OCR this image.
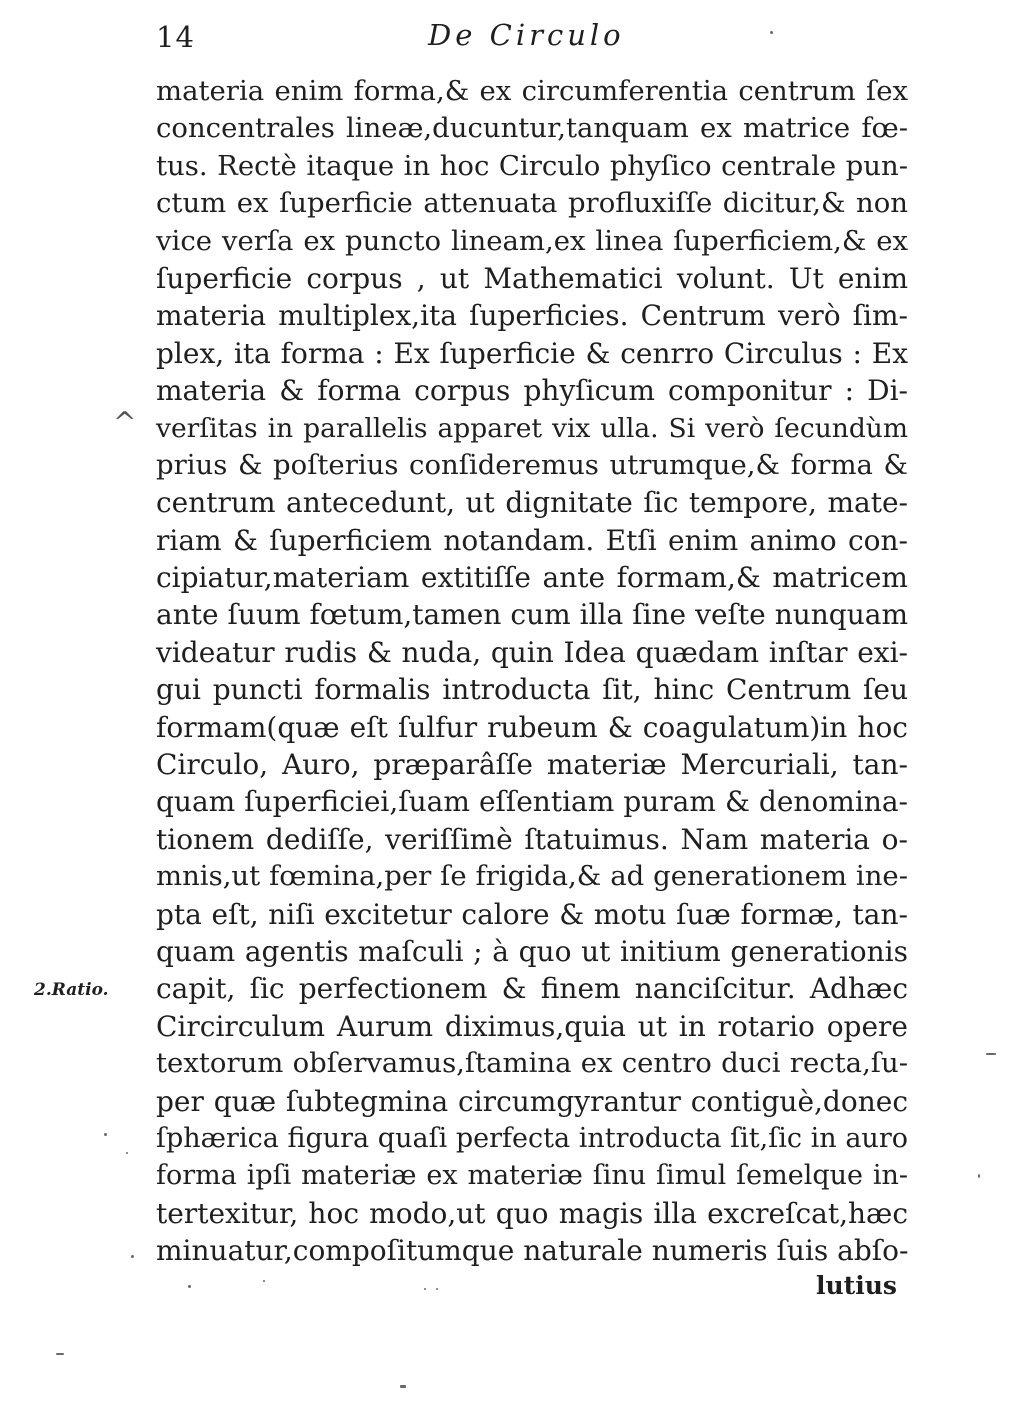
14	De Circulo
^
2.Ratio.
materia enim forma,& ex circumferentia centrum ſex
concentrales lineæ,ducuntur,tanquam ex matrice fœ-
tus. Rectè itaque in hoc Circulo phyſico centrale pun-
ctum ex ſuperficie attenuata profluxiſſe dicitur,& non
vice verſa ex puncto lineam,ex linea ſuperficiem,& ex
ſuperficie corpus , ut Mathematici volunt. Ut enim
materia multiplex,ita ſuperficies. Centrum verò ſim-
plex, ita forma : Ex ſuperficie & cenrro Circulus : Ex
materia & forma corpus phyſicum componitur : Di-
verſitas in parallelis apparet vix ulla. Si verò ſecundùm
prius & poſterius conſideremus utrumque,& forma &
centrum antecedunt, ut dignitate ſic tempore, mate-
riam & ſuperficiem notandam. Etſi enim animo con-
cipiatur,materiam extitiſſe ante formam,& matricem
ante ſuum fœtum,tamen cum illa ſine veſte nunquam
videatur rudis & nuda, quin Idea quædam inſtar exi-
gui puncti formalis introducta ſit, hinc Centrum ſeu
formam(quæ eſt ſulfur rubeum & coagulatum)in hoc
Circulo, Auro, præparâſſe materiæ Mercuriali, tan-
quam ſuperficiei,ſuam eſſentiam puram & denomina-
tionem dediſſe, veriſſimè ſtatuimus. Nam materia o-
mnis,ut fœmina,per ſe frigida,& ad generationem ine-
pta eſt, niſi excitetur calore & motu ſuæ formæ, tan-
quam agentis maſculi ; à quo ut initium generationis
capit, ſic perfectionem & finem nanciſcitur. Adhæc
Circirculum Aurum diximus,quia ut in rotario opere
textorum obſervamus,ſtamina ex centro duci recta,ſu-
per quæ ſubtegmina circumgyrantur contiguè,donec
ſphærica figura quaſi perfecta introducta ſit,ſic in auro
forma ipſi materiæ ex materiæ ſinu ſimul ſemelque in-
tertexitur, hoc modo,ut quo magis illa excreſcat,hæc
minuatur,compoſitumque naturale numeris ſuis abſo-
lutius
